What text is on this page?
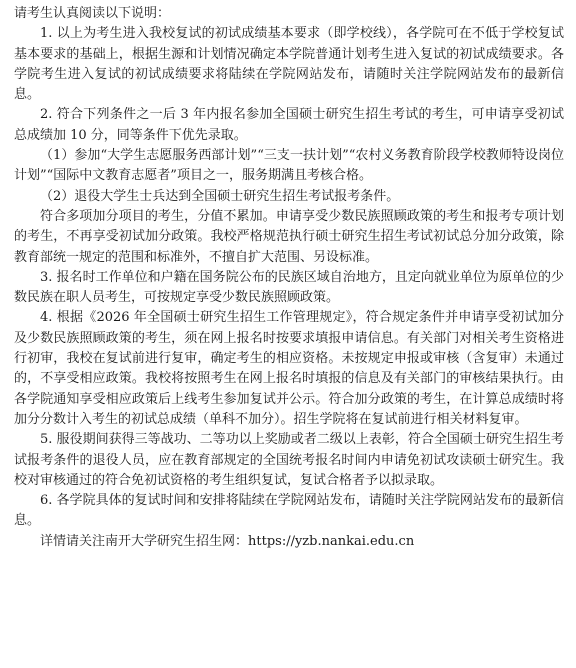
请考生认真阅读以下说明：

1. 以上为考生进入我校复试的初试成绩基本要求（即学校线），各学院可在不低于学校复试基本要求的基础上，根据生源和计划情况确定本学院普通计划考生进入复试的初试成绩要求。各学院考生进入复试的初试成绩要求将陆续在学院网站发布，请随时关注学院网站发布的最新信息。

2. 符合下列条件之一后 3 年内报名参加全国硕士研究生招生考试的考生，可申请享受初试总成绩加 10 分，同等条件下优先录取。

（1）参加“大学生志愿服务西部计划”“三支一扶计划”“农村义务教育阶段学校教师特设岗位计划”“国际中文教育志愿者”项目之一，服务期满且考核合格。

（2）退役大学生士兵达到全国硕士研究生招生考试报考条件。

符合多项加分项目的考生，分值不累加。申请享受少数民族照顾政策的考生和报考专项计划的考生，不再享受初试加分政策。我校严格规范执行硕士研究生招生考试初试总分加分政策，除教育部统一规定的范围和标准外，不擅自扩大范围、另设标准。

3. 报名时工作单位和户籍在国务院公布的民族区域自治地方，且定向就业单位为原单位的少数民族在职人员考生，可按规定享受少数民族照顾政策。

4. 根据《2026 年全国硕士研究生招生工作管理规定》，符合规定条件并申请享受初试加分及少数民族照顾政策的考生，须在网上报名时按要求填报申请信息。有关部门对相关考生资格进行初审，我校在复试前进行复审，确定考生的相应资格。未按规定申报或审核（含复审）未通过的，不享受相应政策。我校将按照考生在网上报名时填报的信息及有关部门的审核结果执行。由各学院通知享受相应政策后上线考生参加复试并公示。符合加分政策的考生，在计算总成绩时将加分分数计入考生的初试总成绩（单科不加分）。招生学院将在复试前进行相关材料复审。

5. 服役期间获得三等战功、二等功以上奖励或者二级以上表彰，符合全国硕士研究生招生考试报考条件的退役人员，应在教育部规定的全国统考报名时间内申请免初试攻读硕士研究生。我校对审核通过的符合免初试资格的考生组织复试，复试合格者予以拟录取。

6. 各学院具体的复试时间和安排将陆续在学院网站发布，请随时关注学院网站发布的最新信息。

详情请关注南开大学研究生招生网：https://yzb.nankai.edu.cn
